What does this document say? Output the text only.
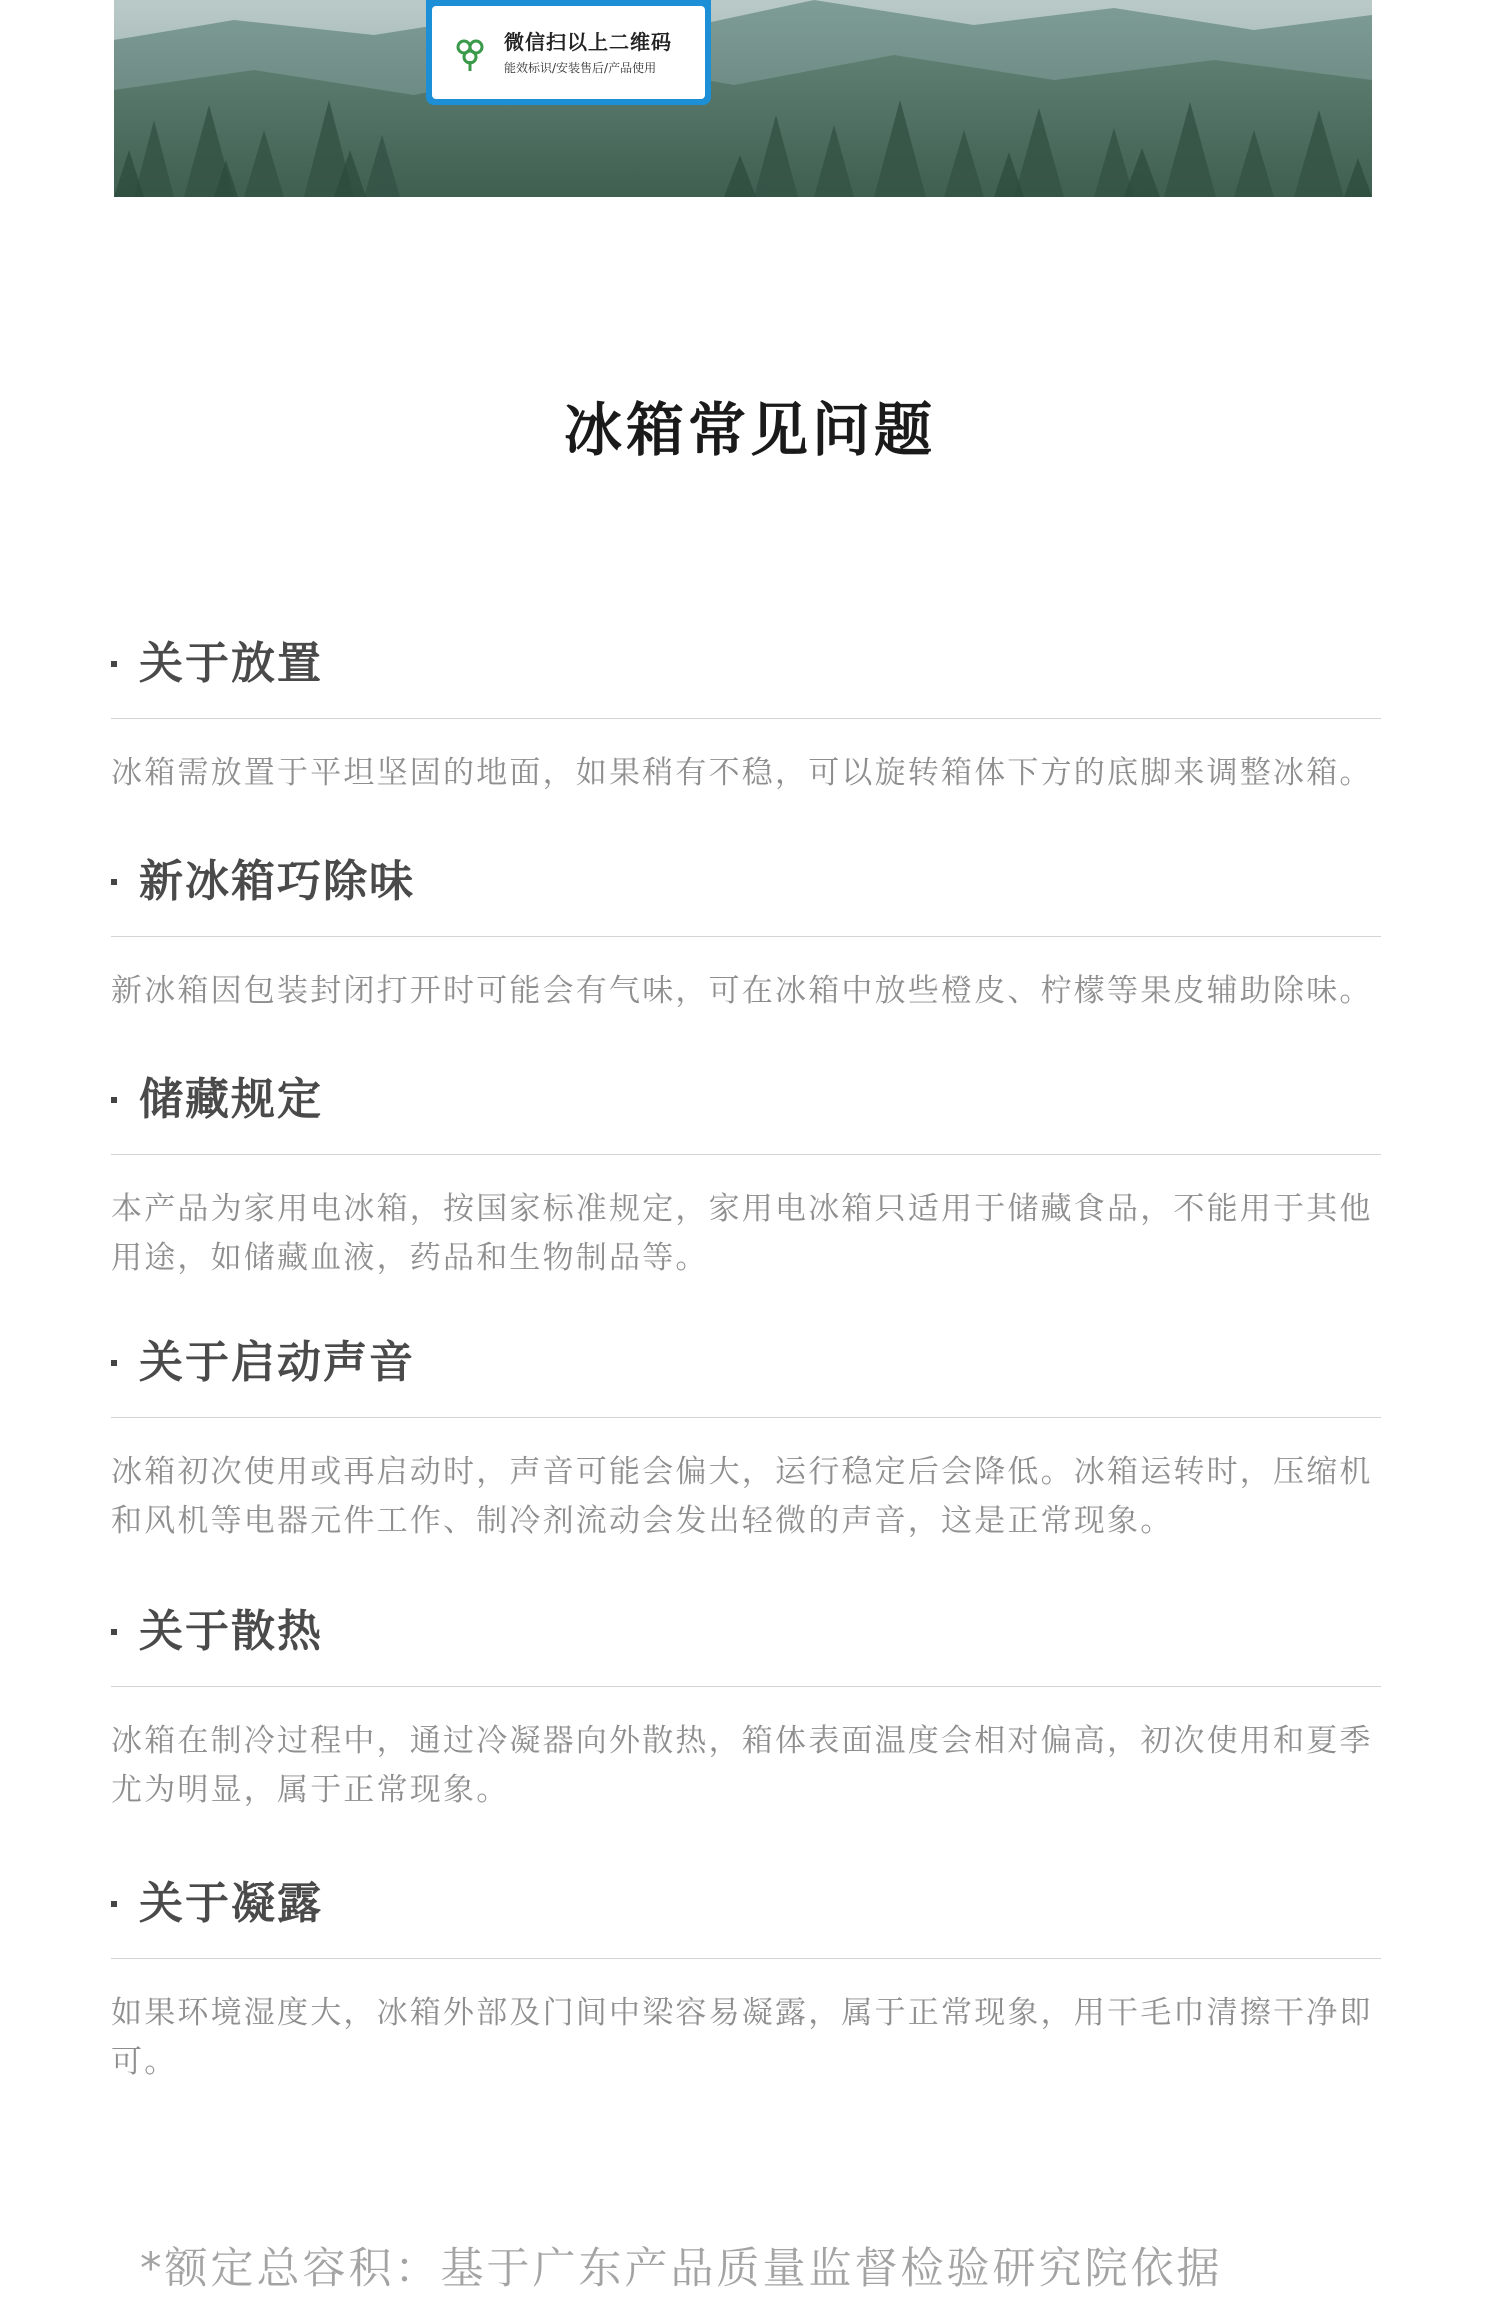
微信扫以上二维码
能效标识/安装售后/产品使用
冰箱常见问题
关于放置
冰箱需放置于平坦坚固的地面，如果稍有不稳，可以旋转箱体下方的底脚来调整冰箱。
新冰箱巧除味
新冰箱因包装封闭打开时可能会有气味，可在冰箱中放些橙皮、柠檬等果皮辅助除味。
储藏规定
本产品为家用电冰箱，按国家标准规定，家用电冰箱只适用于储藏食品，不能用于其他用途，如储藏血液，药品和生物制品等。
关于启动声音
冰箱初次使用或再启动时，声音可能会偏大，运行稳定后会降低。冰箱运转时，压缩机和风机等电器元件工作、制冷剂流动会发出轻微的声音，这是正常现象。
关于散热
冰箱在制冷过程中，通过冷凝器向外散热，箱体表面温度会相对偏高，初次使用和夏季尤为明显，属于正常现象。
关于凝露
如果环境湿度大，冰箱外部及门间中梁容易凝露，属于正常现象，用干毛巾清擦干净即可。
*额定总容积：基于广东产品质量监督检验研究院依据
